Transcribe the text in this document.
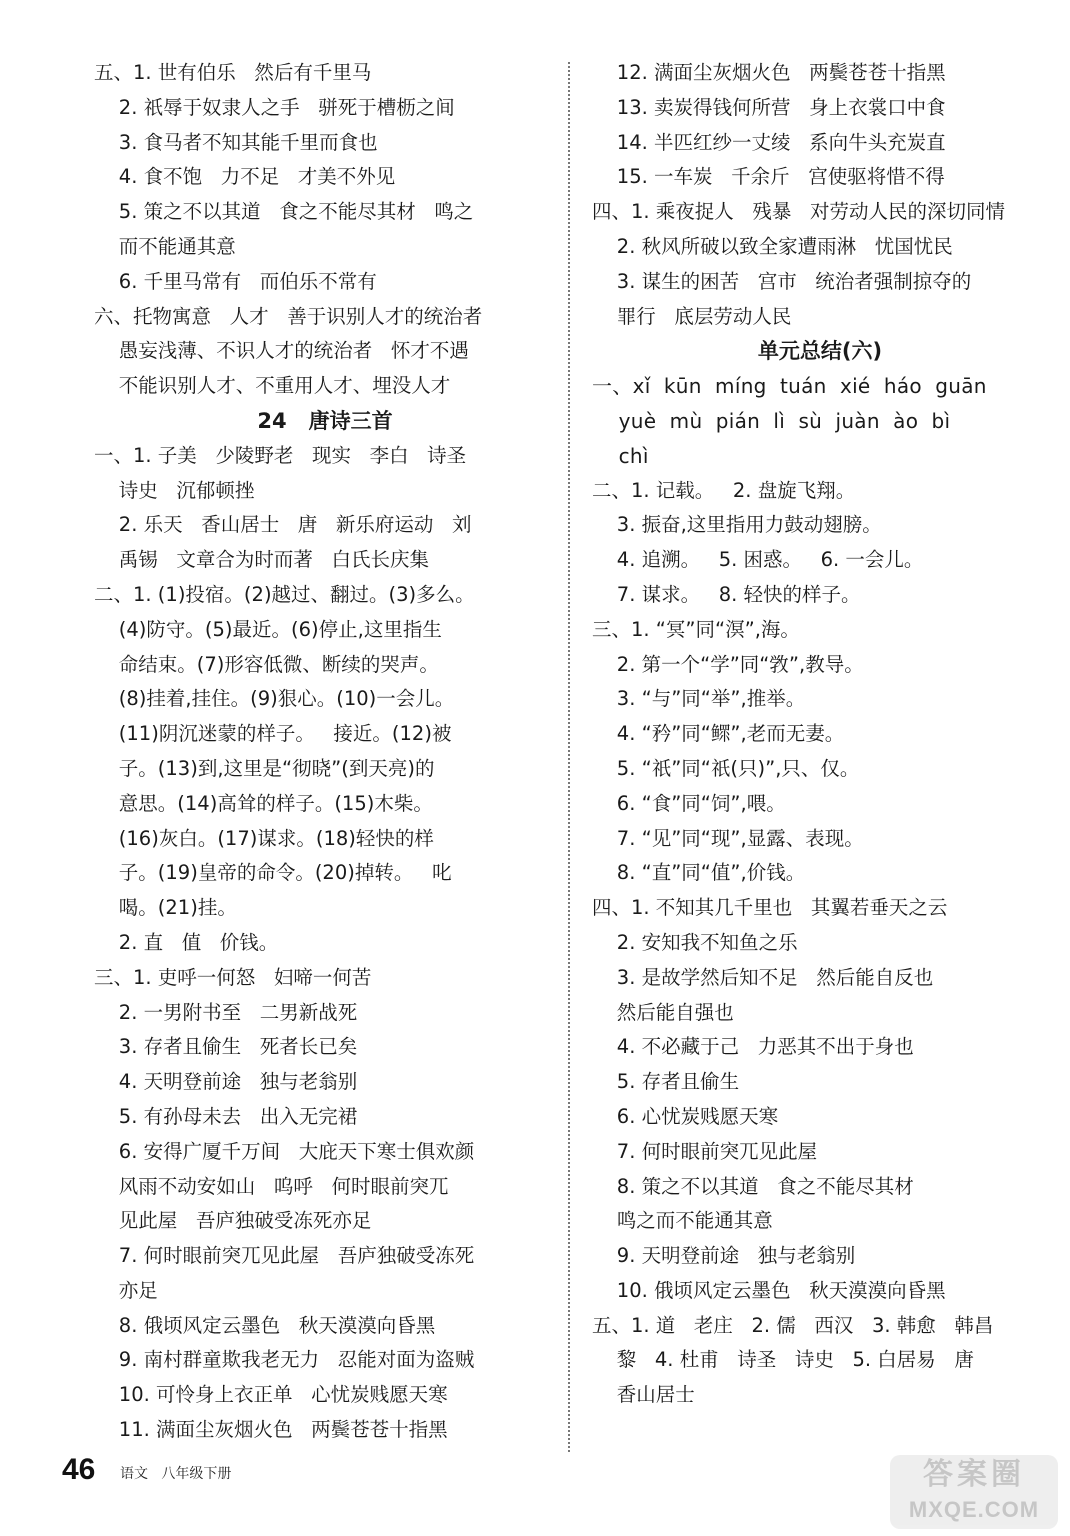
五、1. 世有伯乐   然后有千里马
2. 祇辱于奴隶人之手   骈死于槽枥之间
3. 食马者不知其能千里而食也
4. 食不饱   力不足   才美不外见
5. 策之不以其道   食之不能尽其材   鸣之
而不能通其意
6. 千里马常有   而伯乐不常有
六、托物寓意   人才   善于识别人才的统治者
愚妄浅薄、不识人才的统治者   怀才不遇
不能识别人才、不重用人才、埋没人才
24   唐诗三首
一、1. 子美   少陵野老   现实   李白   诗圣
诗史   沉郁顿挫
2. 乐天   香山居士   唐   新乐府运动   刘
禹锡   文章合为时而著   白氏长庆集
二、1. (1)投宿。(2)越过、翻过。(3)多么。
(4)防守。(5)最近。(6)停止,这里指生
命结束。(7)形容低微、断续的哭声。
(8)挂着,挂住。(9)狠心。(10)一会儿。
(11)阴沉迷蒙的样子。   接近。(12)被
子。(13)到,这里是“彻晓”(到天亮)的
意思。(14)高耸的样子。(15)木柴。
(16)灰白。(17)谋求。(18)轻快的样
子。(19)皇帝的命令。(20)掉转。   叱
喝。(21)挂。
2. 直   值   价钱。
三、1. 吏呼一何怒   妇啼一何苦
2. 一男附书至   二男新战死
3. 存者且偷生   死者长已矣
4. 天明登前途   独与老翁别
5. 有孙母未去   出入无完裙
6. 安得广厦千万间   大庇天下寒士俱欢颜
风雨不动安如山   呜呼   何时眼前突兀
见此屋   吾庐独破受冻死亦足
7. 何时眼前突兀见此屋   吾庐独破受冻死
亦足
8. 俄顷风定云墨色   秋天漠漠向昏黑
9. 南村群童欺我老无力   忍能对面为盗贼
10. 可怜身上衣正单   心忧炭贱愿天寒
11. 满面尘灰烟火色   两鬓苍苍十指黑
12. 满面尘灰烟火色   两鬓苍苍十指黑
13. 卖炭得钱何所营   身上衣裳口中食
14. 半匹红纱一丈绫   系向牛头充炭直
15. 一车炭   千余斤   宫使驱将惜不得
四、1. 乘夜捉人   残暴   对劳动人民的深切同情
2. 秋风所破以致全家遭雨淋   忧国忧民
3. 谋生的困苦   宫市   统治者强制掠夺的
罪行   底层劳动人民
单元总结(六)
一、xǐ  kūn  míng  tuán  xié  háo  guān
yuè  mù  pián  lì  sù  juàn  ào  bì
chì
二、1. 记载。   2. 盘旋飞翔。
3. 振奋,这里指用力鼓动翅膀。
4. 追溯。   5. 困惑。   6. 一会儿。
7. 谋求。   8. 轻快的样子。
三、1. “冥”同“溟”,海。
2. 第一个“学”同“敩”,教导。
3. “与”同“举”,推举。
4. “矜”同“鳏”,老而无妻。
5. “祇”同“祇(只)”,只、仅。
6. “食”同“饲”,喂。
7. “见”同“现”,显露、表现。
8. “直”同“值”,价钱。
四、1. 不知其几千里也   其翼若垂天之云
2. 安知我不知鱼之乐
3. 是故学然后知不足   然后能自反也
然后能自强也
4. 不必藏于己   力恶其不出于身也
5. 存者且偷生
6. 心忧炭贱愿天寒
7. 何时眼前突兀见此屋
8. 策之不以其道   食之不能尽其材
鸣之而不能通其意
9. 天明登前途   独与老翁别
10. 俄顷风定云墨色   秋天漠漠向昏黑
五、1. 道   老庄   2. 儒   西汉   3. 韩愈   韩昌
黎   4. 杜甫   诗圣   诗史   5. 白居易   唐
香山居士
46 语文   八年级下册	答案圈
MXQE.COM
